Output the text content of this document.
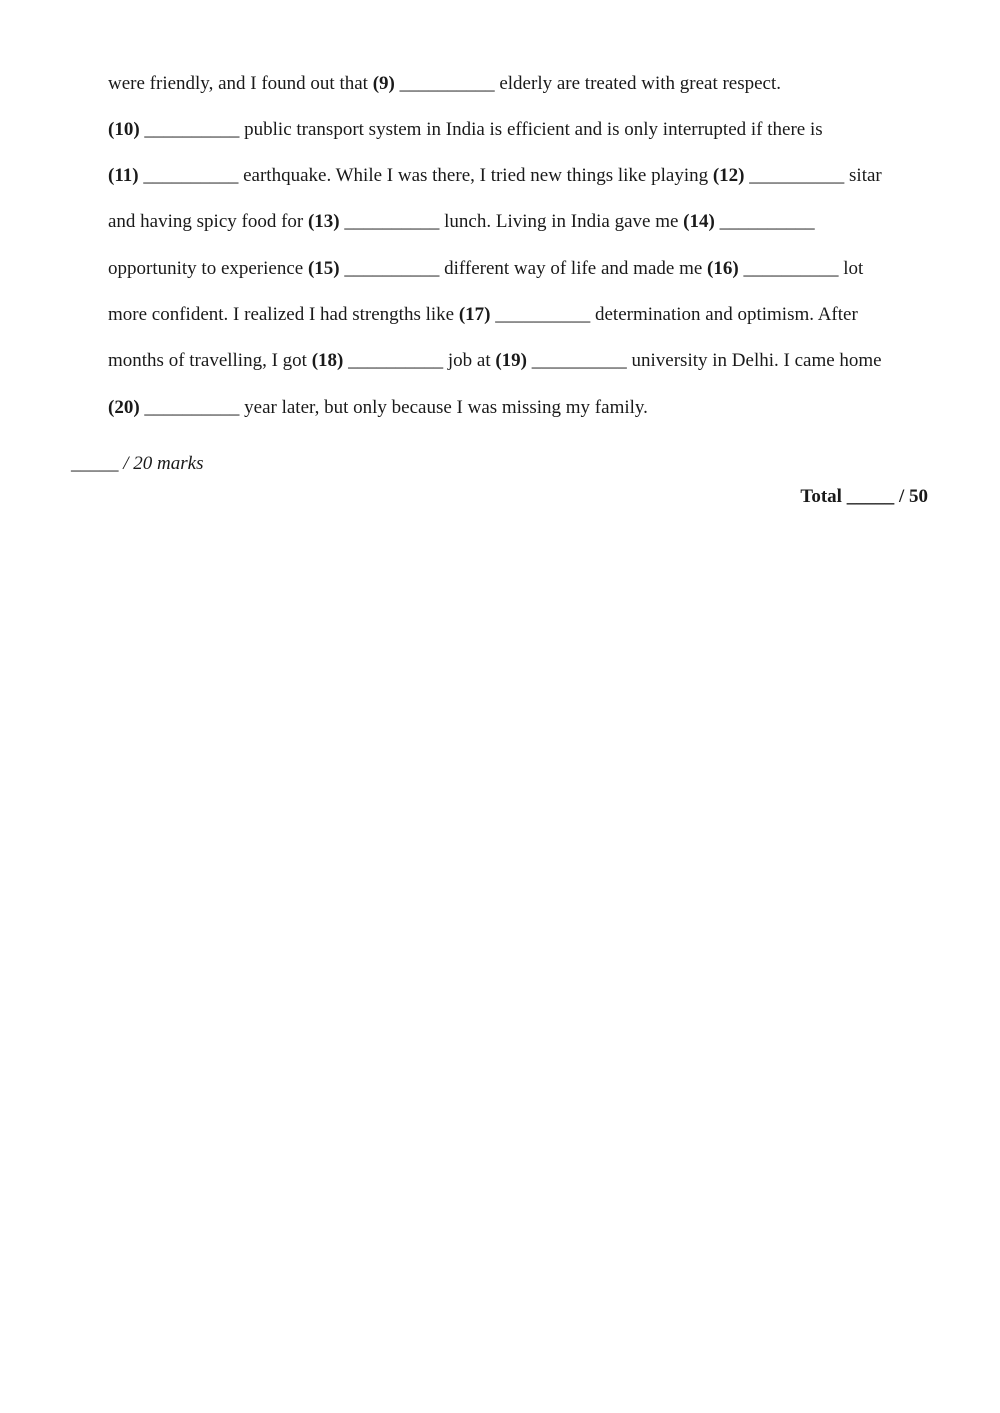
were friendly, and I found out that (9) __________ elderly are treated with great respect.
(10) __________ public transport system in India is efficient and is only interrupted if there is
(11) __________ earthquake. While I was there, I tried new things like playing (12) __________ sitar
and having spicy food for (13) __________ lunch. Living in India gave me (14) __________
opportunity to experience (15) __________ different way of life and made me (16) __________ lot
more confident. I realized I had strengths like (17) __________ determination and optimism. After
months of travelling, I got (18) __________ job at (19) __________ university in Delhi. I came home
(20) __________ year later, but only because I was missing my family.
_____ / 20 marks
Total _____ / 50
